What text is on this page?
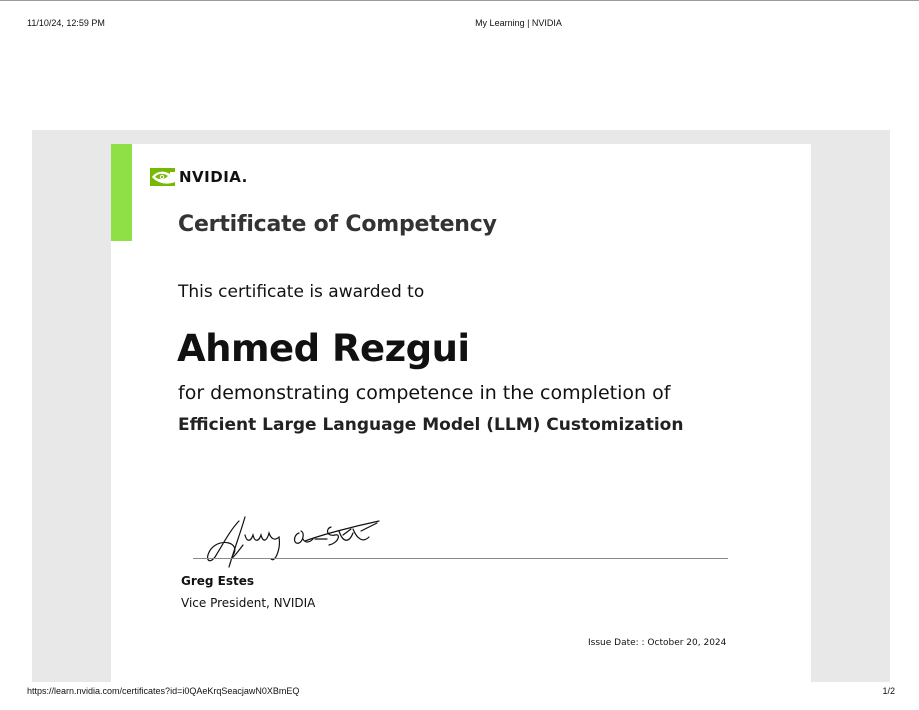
11/10/24, 12:59 PM	My Learning | NVIDIA
NVIDIA.
Certificate of Competency
This certificate is awarded to
Ahmed Rezgui
for demonstrating competence in the completion of
Efficient Large Language Model (LLM) Customization
Greg Estes
Vice President, NVIDIA
Issue Date: : October 20, 2024
https://learn.nvidia.com/certificates?id=i0QAeKrqSeacjawN0XBmEQ	1/2
